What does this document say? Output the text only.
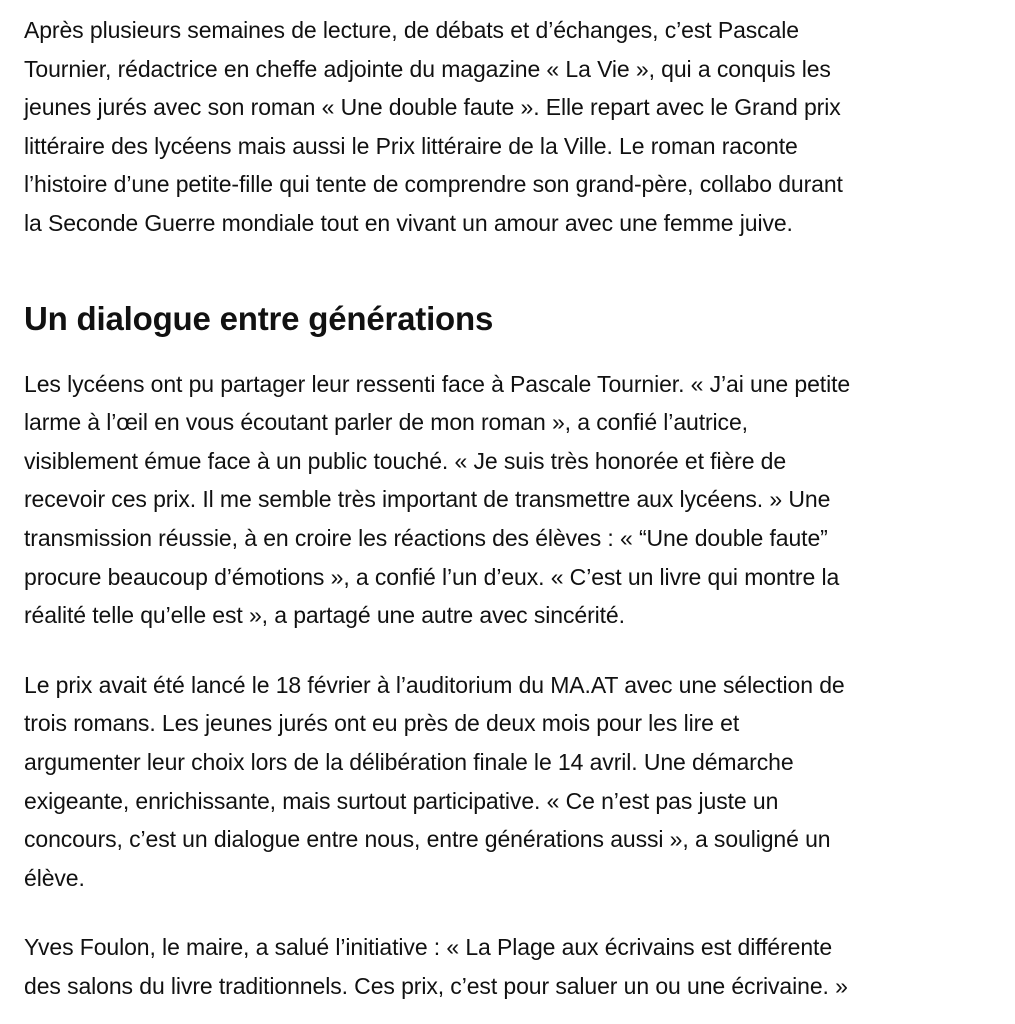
Après plusieurs semaines de lecture, de débats et d’échanges, c’est Pascale
Tournier, rédactrice en cheffe adjointe du magazine « La Vie », qui a conquis les
jeunes jurés avec son roman « Une double faute ». Elle repart avec le Grand prix
littéraire des lycéens mais aussi le Prix littéraire de la Ville. Le roman raconte
l’histoire d’une petite-fille qui tente de comprendre son grand-père, collabo durant
la Seconde Guerre mondiale tout en vivant un amour avec une femme juive.

Un dialogue entre générations

Les lycéens ont pu partager leur ressenti face à Pascale Tournier. « J’ai une petite
larme à l’œil en vous écoutant parler de mon roman », a confié l’autrice,
visiblement émue face à un public touché. « Je suis très honorée et fière de
recevoir ces prix. Il me semble très important de transmettre aux lycéens. » Une
transmission réussie, à en croire les réactions des élèves : « “Une double faute”
procure beaucoup d’émotions », a confié l’un d’eux. « C’est un livre qui montre la
réalité telle qu’elle est », a partagé une autre avec sincérité.

Le prix avait été lancé le 18 février à l’auditorium du MA.AT avec une sélection de
trois romans. Les jeunes jurés ont eu près de deux mois pour les lire et
argumenter leur choix lors de la délibération finale le 14 avril. Une démarche
exigeante, enrichissante, mais surtout participative. « Ce n’est pas juste un
concours, c’est un dialogue entre nous, entre générations aussi », a souligné un
élève.

Yves Foulon, le maire, a salué l’initiative : « La Plage aux écrivains est différente
des salons du livre traditionnels. Ces prix, c’est pour saluer un ou une écrivaine. »
